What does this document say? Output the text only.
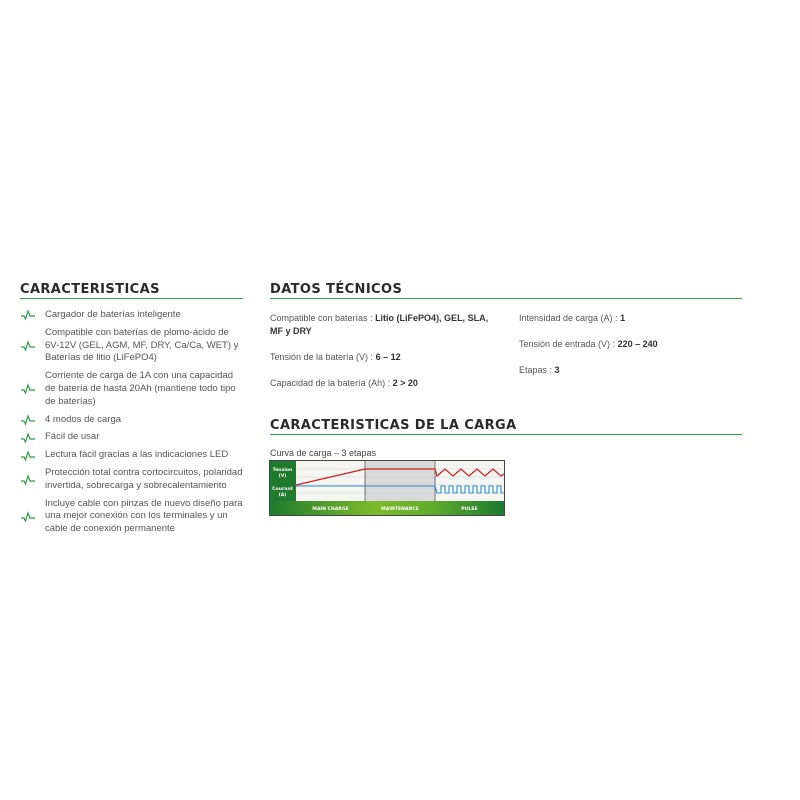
CARACTERISTICAS
Cargador de baterías inteligente
Compatible con baterías de plomo-ácido de 6V-12V (GEL, AGM, MF, DRY, Ca/Ca, WET) y Baterías de litio (LiFePO4)
Corriente de carga de 1A con una capacidad de batería de hasta 20Ah (mantiene todo tipo de baterías)
4 modos de carga
Fácil de usar
Lectura fácil gracias a las indicaciones LED
Protección total contra cortocircuitos, polaridad invertida, sobrecarga y sobrecalentamiento
Incluye cable con pinzas de nuevo diseño para una mejor conexión con los terminales y un cable de conexión permanente
DATOS TÉCNICOS
Compatible con baterías : Litio (LiFePO4), GEL, SLA, MF y DRY
Tensión de la batería (V) : 6 – 12
Capacidad de la batería (Ah) : 2 > 20
Intensidad de carga (A) : 1
Tensión de entrada (V) : 220 – 240
Etapas : 3
CARACTERISTICAS DE LA CARGA
Curva de carga – 3 etapas
Tension
(V)
Courant
(A)
MAIN CHARGE	MAINTENANCE	PULSE
